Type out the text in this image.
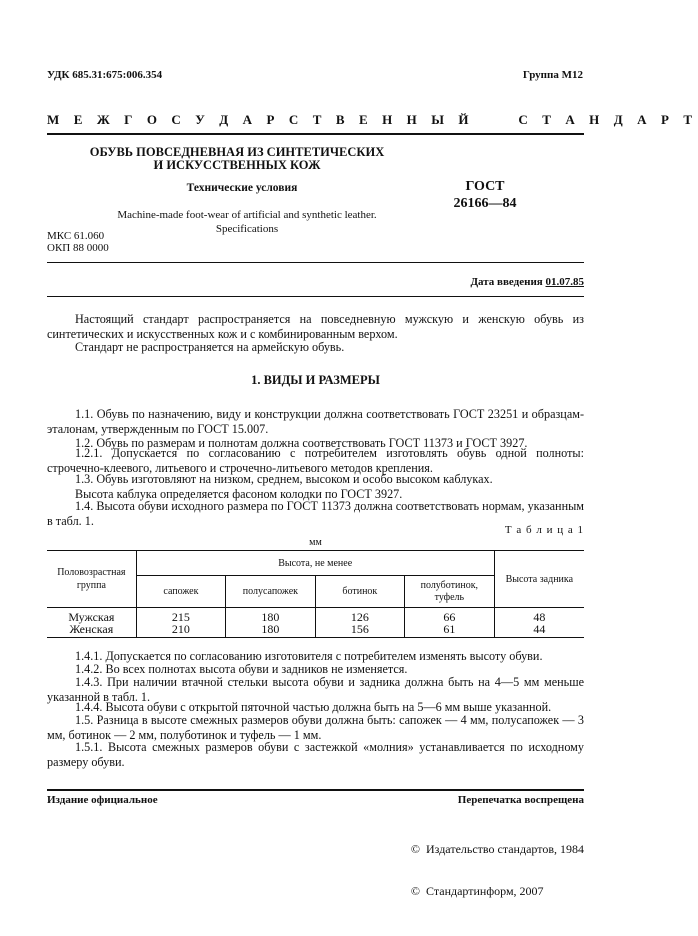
УДК 685.31:675:006.354	Группа М12
М Е Ж Г О С У Д А Р С Т В Е Н Н Ы Й     С Т А Н Д А Р Т
ОБУВЬ ПОВСЕДНЕВНАЯ ИЗ СИНТЕТИЧЕСКИХ
И ИСКУССТВЕННЫХ КОЖ
Технические условия
Machine-made foot-wear of artificial and synthetic leather.
Specifications
ГОСТ
26166—84
МКС 61.060
ОКП 88 0000
Дата введения 01.07.85
Настоящий стандарт распространяется на повседневную мужскую и женскую обувь из синтетических и искусственных кож и с комбинированным верхом.
Стандарт не распространяется на армейскую обувь.
1. ВИДЫ И РАЗМЕРЫ
1.1. Обувь по назначению, виду и конструкции должна соответствовать ГОСТ 23251 и образцам-эталонам, утвержденным по ГОСТ 15.007.
1.2. Обувь по размерам и полнотам должна соответствовать ГОСТ 11373 и ГОСТ 3927.
1.2.1. Допускается по согласованию с потребителем изготовлять обувь одной полноты: строчечно-клеевого, литьевого и строчечно-литьевого методов крепления.
1.3. Обувь изготовляют на низком, среднем, высоком и особо высоком каблуках.
Высота каблука определяется фасоном колодки по ГОСТ 3927.
1.4. Высота обуви исходного размера по ГОСТ 11373 должна соответствовать нормам, указанным в табл. 1.
Т а б л и ц а 1
мм
Половозрастная группа	Высота, не менее				Высота задника
	сапожек	полусапожек	ботинок	полуботинок, туфель	
Мужская	215	180	126	66	48
Женская	210	180	156	61	44
1.4.1. Допускается по согласованию изготовителя с потребителем изменять высоту обуви.
1.4.2. Во всех полнотах высота обуви и задников не изменяется.
1.4.3. При наличии втачной стельки высота обуви и задника должна быть на 4—5 мм меньше указанной в табл. 1.
1.4.4. Высота обуви с открытой пяточной частью должна быть на 5—6 мм выше указанной.
1.5. Разница в высоте смежных размеров обуви должна быть: сапожек — 4 мм, полусапожек — 3 мм, ботинок — 2 мм, полуботинок и туфель — 1 мм.
1.5.1. Высота смежных размеров обуви с застежкой «молния» устанавливается по исходному размеру обуви.
Издание официальное	Перепечатка воспрещена

©  Издательство стандартов, 1984

©  Стандартинформ, 2007
